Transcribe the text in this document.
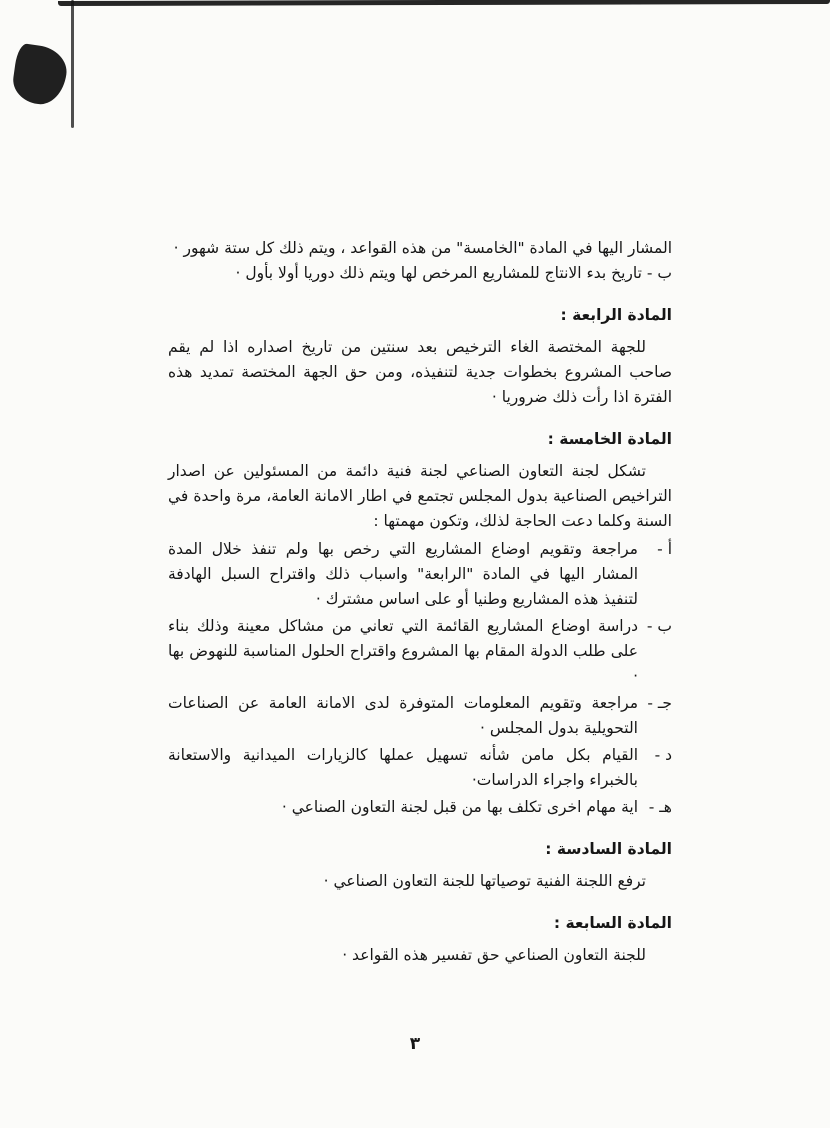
المشار اليها في المادة "الخامسة" من هذه القواعد ، ويتم ذلك كل ستة شهور ·

ب - تاريخ بدء الانتاج للمشاريع المرخص لها ويتم ذلك دوريا أولا بأول ·

المادة الرابعة :

للجهة المختصة الغاء الترخيص بعد سنتين من تاريخ اصداره اذا لم يقم صاحب المشروع بخطوات جدية لتنفيذه، ومن حق الجهة المختصة تمديد هذه الفترة اذا رأت ذلك ضروريا ·

المادة الخامسة :

تشكل لجنة التعاون الصناعي لجنة فنية دائمة من المسئولين عن اصدار التراخيص الصناعية بدول المجلس تجتمع في اطار الامانة العامة، مرة واحدة في السنة وكلما دعت الحاجة لذلك، وتكون مهمتها :

أ -
مراجعة وتقويم اوضاع المشاريع التي رخص بها ولم تنفذ خلال المدة المشار اليها في المادة "الرابعة" واسباب ذلك واقتراح السبل الهادفة لتنفيذ هذه المشاريع وطنيا أو على اساس مشترك ·
ب -
دراسة اوضاع المشاريع القائمة التي تعاني من مشاكل معينة وذلك بناء على طلب الدولة المقام بها المشروع واقتراح الحلول المناسبة للنهوض بها ·
جـ -
مراجعة وتقويم المعلومات المتوفرة لدى الامانة العامة عن الصناعات التحويلية بدول المجلس ·
د -
القيام بكل مامن شأنه تسهيل عملها كالزيارات الميدانية والاستعانة بالخبراء واجراء الدراسات·
هـ -
اية مهام اخرى تكلف بها من قبل لجنة التعاون الصناعي ·
المادة السادسة :

ترفع اللجنة الفنية توصياتها للجنة التعاون الصناعي ·

المادة السابعة :

للجنة التعاون الصناعي حق تفسير هذه القواعد ·

٣
